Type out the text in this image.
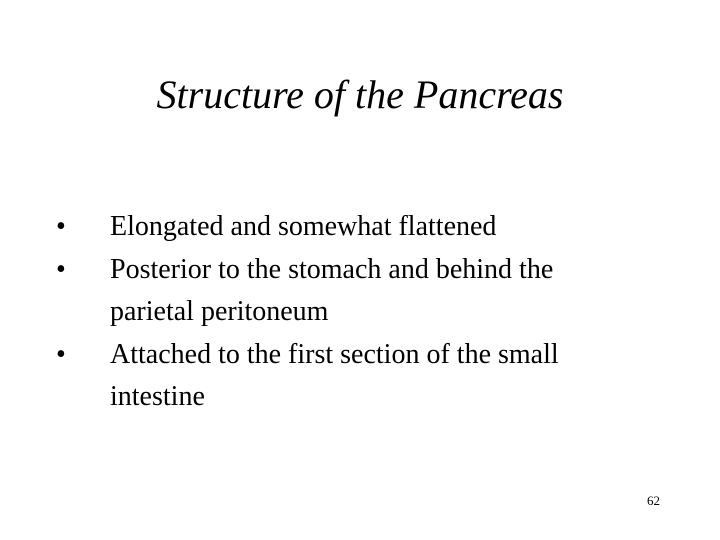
Structure of the Pancreas
•	Elongated and somewhat flattened
•	Posterior to the stomach and behind the
parietal peritoneum
•	Attached to the first section of the small
intestine
62
